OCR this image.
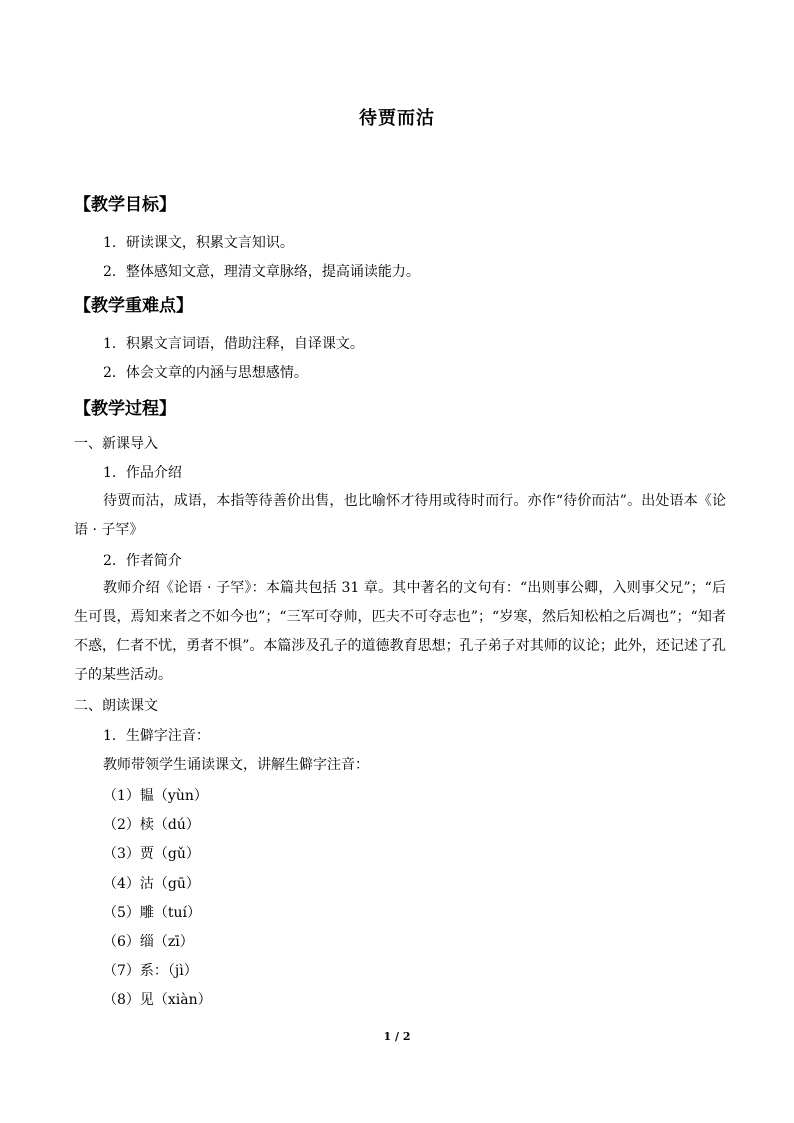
待贾而沽
【教学目标】
1．研读课文，积累文言知识。
2．整体感知文意，理清文章脉络，提高诵读能力。
【教学重难点】
1．积累文言词语，借助注释，自译课文。
2．体会文章的内涵与思想感情。
【教学过程】
一、新课导入
1．作品介绍
待贾而沽，成语，本指等待善价出售，也比喻怀才待用或待时而行。亦作“待价而沽”。出处语本《论语 · 子罕》
2．作者简介
教师介绍《论语 · 子罕》：本篇共包括 31 章。其中著名的文句有：“出则事公卿，入则事父兄”；“后生可畏，焉知来者之不如今也”；“三军可夺帅，匹夫不可夺志也”；“岁寒，然后知松柏之后凋也”；“知者不惑，仁者不忧，勇者不惧”。本篇涉及孔子的道德教育思想；孔子弟子对其师的议论；此外，还记述了孔子的某些活动。
二、朗读课文
1．生僻字注音：
教师带领学生诵读课文，讲解生僻字注音：
（1）韫（yùn）
（2）椟（dú）
（3）贾（gǔ）
（4）沽（gū）
（5）雕（tuí）
（6）缁（zī）
（7）系：（jì）
（8）见（xiàn）
1 / 2
